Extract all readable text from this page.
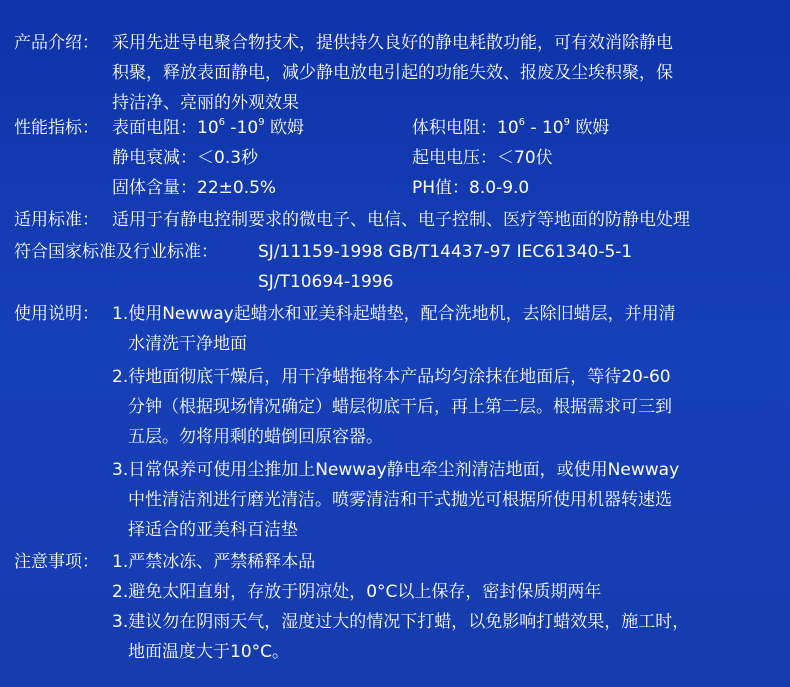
产品介绍： 采用先进导电聚合物技术，提供持久良好的静电耗散功能，可有效消除静电
积聚，释放表面静电，减少静电放电引起的功能失效、报废及尘埃积聚，保
持洁净、亮丽的外观效果
性能指标： 表面电阻：$10^6$ $-10^9$ 欧姆	体积电阻：$10^6 - 10^9$ 欧姆
静电衰减：＜0.3秒	起电电压：＜70伏
固体含量：22±0.5%	PH值：8.0-9.0
适用标准： 适用于有静电控制要求的微电子、电信、电子控制、医疗等地面的防静电处理
符合国家标准及行业标准： SJ/11159-1998 GB/T14437-97 IEC61340-5-1
SJ/T10694-1996
使用说明： 1.使用Newway起蜡水和亚美科起蜡垫，配合洗地机，去除旧蜡层，并用清
水清洗干净地面
2.待地面彻底干燥后，用干净蜡拖将本产品均匀涂抹在地面后，等待20-60
分钟（根据现场情况确定）蜡层彻底干后，再上第二层。根据需求可三到
五层。勿将用剩的蜡倒回原容器。
3.日常保养可使用尘推加上Newway静电牵尘剂清洁地面，或使用Newway
中性清洁剂进行磨光清洁。喷雾清洁和干式抛光可根据所使用机器转速选
择适合的亚美科百洁垫
注意事项： 1.严禁冰冻、严禁稀释本品
2.避免太阳直射，存放于阴凉处，0°C以上保存，密封保质期两年
3.建议勿在阴雨天气，湿度过大的情况下打蜡，以免影响打蜡效果，施工时，
地面温度大于10°C。
